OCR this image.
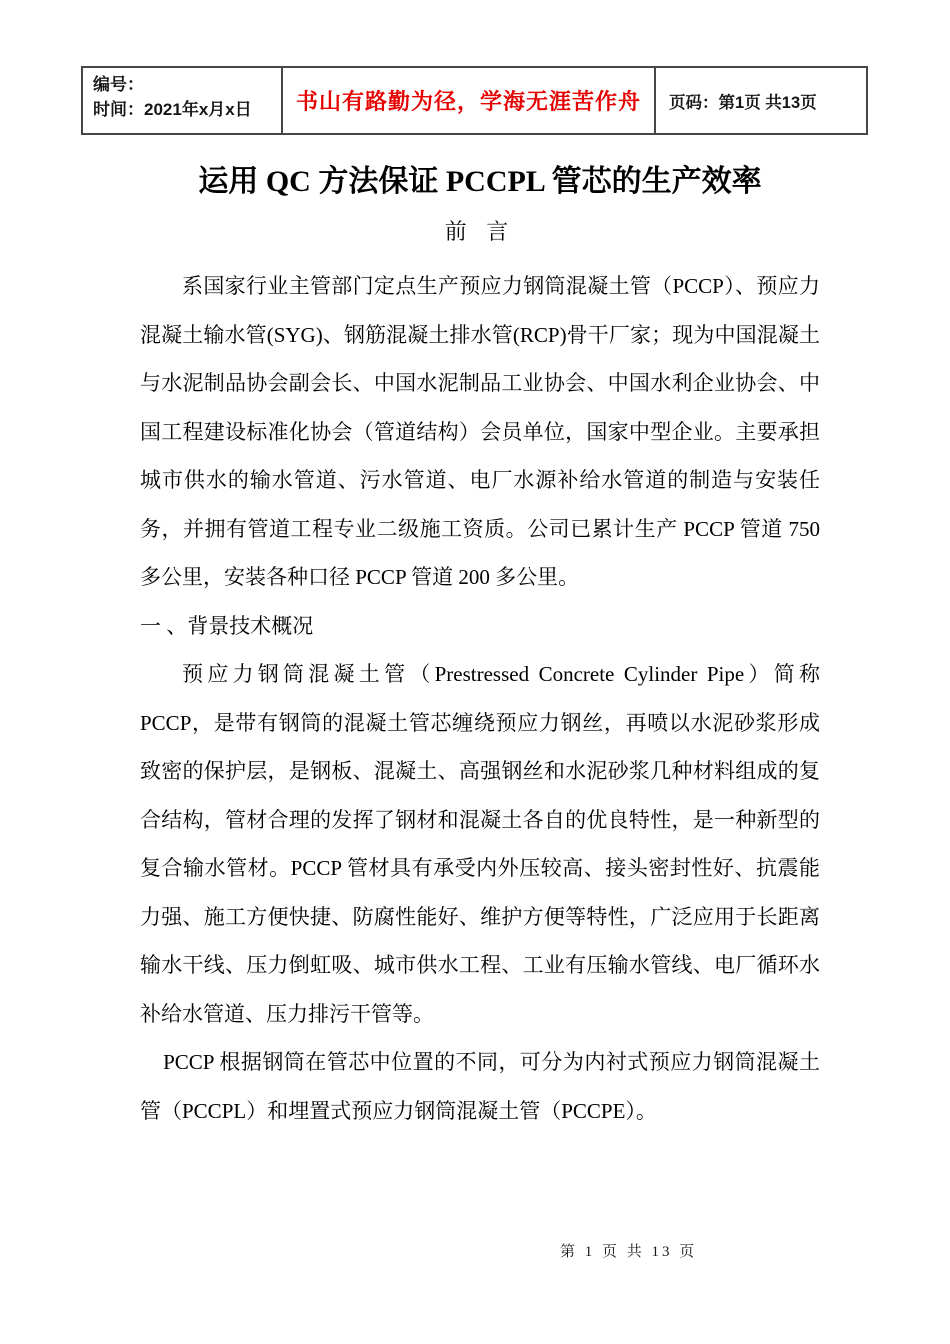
编号：
时间：2021年x月x日	书山有路勤为径，学海无涯苦作舟 页码：第1页 共13页
运用 QC 方法保证 PCCPL 管芯的生产效率
前 言

系国家行业主管部门定点生产预应力钢筒混凝土管（PCCP）、预应力混凝土输水管(SYG)、钢筋混凝土排水管(RCP)骨干厂家；现为中国混凝土与水泥制品协会副会长、中国水泥制品工业协会、中国水利企业协会、中国工程建设标准化协会（管道结构）会员单位，国家中型企业。主要承担城市供水的输水管道、污水管道、电厂水源补给水管道的制造与安装任务，并拥有管道工程专业二级施工资质。公司已累计生产 PCCP 管道 750 多公里，安装各种口径 PCCP 管道 200 多公里。

一 、背景技术概况

预应力钢筒混凝土管（Prestressed Concrete Cylinder Pipe）简称 PCCP，是带有钢筒的混凝土管芯缠绕预应力钢丝，再喷以水泥砂浆形成致密的保护层，是钢板、混凝土、高强钢丝和水泥砂浆几种材料组成的复合结构，管材合理的发挥了钢材和混凝土各自的优良特性，是一种新型的复合输水管材。PCCP 管材具有承受内外压较高、接头密封性好、抗震能力强、施工方便快捷、防腐性能好、维护方便等特性，广泛应用于长距离输水干线、压力倒虹吸、城市供水工程、工业有压输水管线、电厂循环水补给水管道、压力排污干管等。

PCCP 根据钢筒在管芯中位置的不同，可分为内衬式预应力钢筒混凝土管（PCCPL）和埋置式预应力钢筒混凝土管（PCCPE）。

第 1 页 共 13 页
